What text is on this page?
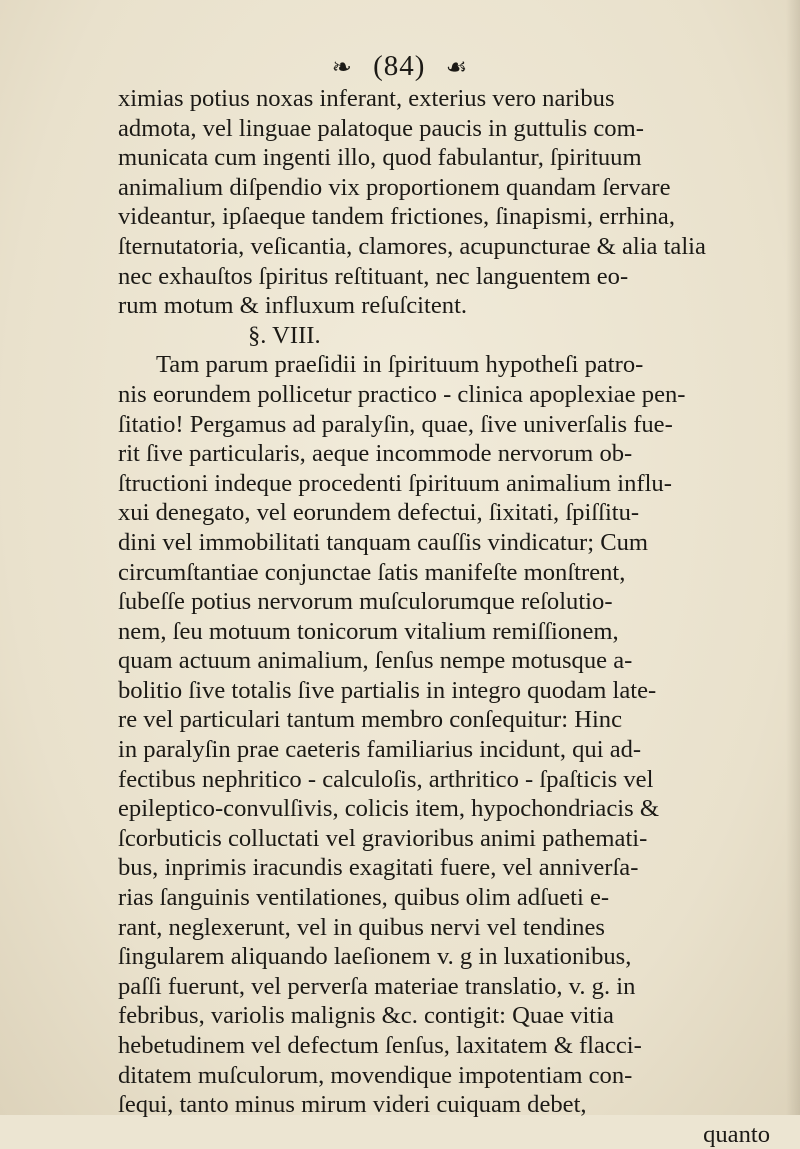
❧ (84) ☙
ximias potius noxas inferant, exterius vero naribus
admota, vel linguae palatoque paucis in guttulis com-
municata cum ingenti illo, quod fabulantur, ſpirituum
animalium diſpendio vix proportionem quandam ſervare
videantur, ipſaeque tandem frictiones, ſinapismi, errhina,
ſternutatoria, veſicantia, clamores, acupuncturae & alia talia
nec exhauſtos ſpiritus reſtituant, nec languentem eo-
rum motum & influxum reſuſcitent.
§. VIII.
Tam parum praeſidii in ſpirituum hypotheſi patro-
nis eorundem pollicetur practico - clinica apoplexiae pen-
ſitatio! Pergamus ad paralyſin, quae, ſive univerſalis fue-
rit ſive particularis, aeque incommode nervorum ob-
ſtructioni indeque procedenti ſpirituum animalium influ-
xui denegato, vel eorundem defectui, ſixitati, ſpiſſitu-
dini vel immobilitati tanquam cauſſis vindicatur; Cum
circumſtantiae conjunctae ſatis manifeſte monſtrent,
ſubeſſe potius nervorum muſculorumque reſolutio-
nem, ſeu motuum tonicorum vitalium remiſſionem,
quam actuum animalium, ſenſus nempe motusque a-
bolitio ſive totalis ſive partialis in integro quodam late-
re vel particulari tantum membro conſequitur: Hinc
in paralyſin prae caeteris familiarius incidunt, qui ad-
fectibus nephritico - calculoſis, arthritico - ſpaſticis vel
epileptico-convulſivis, colicis item, hypochondriacis &
ſcorbuticis colluctati vel gravioribus animi pathemati-
bus, inprimis iracundis exagitati fuere, vel anniverſa-
rias ſanguinis ventilationes, quibus olim adſueti e-
rant, neglexerunt, vel in quibus nervi vel tendines
ſingularem aliquando laeſionem v. g in luxationibus,
paſſi fuerunt, vel perverſa materiae translatio, v. g. in
febribus, variolis malignis &c. contigit: Quae vitia
hebetudinem vel defectum ſenſus, laxitatem & flacci-
ditatem muſculorum, movendique impotentiam con-
ſequi, tanto minus mirum videri cuiquam debet,
quanto
